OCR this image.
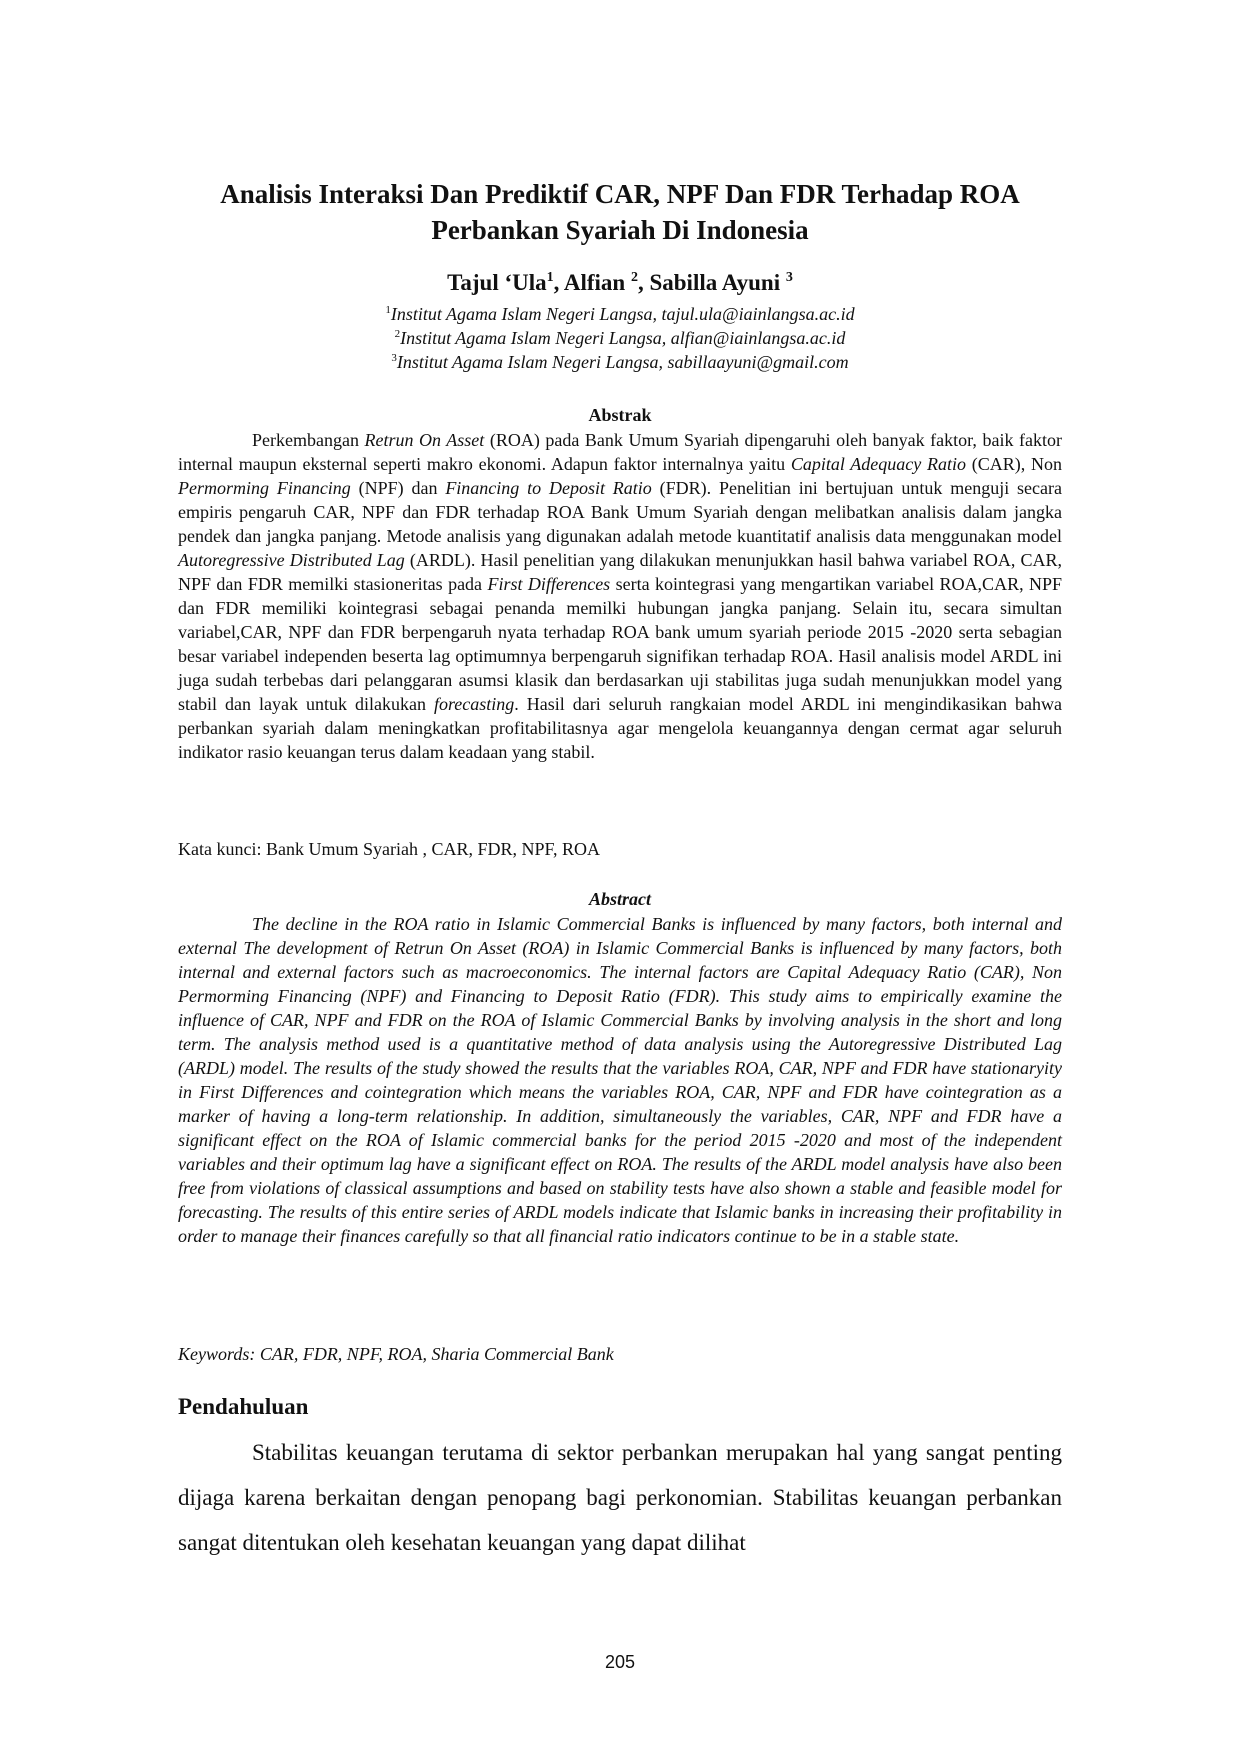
Analisis Interaksi Dan Prediktif CAR, NPF Dan FDR Terhadap ROA
Perbankan Syariah Di Indonesia
Tajul ‘Ula$^1$, Alfian $^2$, Sabilla Ayuni $^3$
$^1$Institut Agama Islam Negeri Langsa, tajul.ula@iainlangsa.ac.id
$^2$Institut Agama Islam Negeri Langsa, alfian@iainlangsa.ac.id
$^3$Institut Agama Islam Negeri Langsa, sabillaayuni@gmail.com
Abstrak

Perkembangan Retrun On Asset (ROA) pada Bank Umum Syariah dipengaruhi oleh banyak faktor, baik faktor internal maupun eksternal seperti makro ekonomi. Adapun faktor internalnya yaitu Capital Adequacy Ratio (CAR), Non Permorming Financing (NPF) dan Financing to Deposit Ratio (FDR). Penelitian ini bertujuan untuk menguji secara empiris pengaruh CAR, NPF dan FDR terhadap ROA Bank Umum Syariah dengan melibatkan analisis dalam jangka pendek dan jangka panjang. Metode analisis yang digunakan adalah metode kuantitatif analisis data menggunakan model Autoregressive Distributed Lag (ARDL). Hasil penelitian yang dilakukan menunjukkan hasil bahwa variabel ROA, CAR, NPF dan FDR memilki stasioneritas pada First Differences serta kointegrasi yang mengartikan variabel ROA,CAR, NPF dan FDR memiliki kointegrasi sebagai penanda memilki hubungan jangka panjang. Selain itu, secara simultan variabel,CAR, NPF dan FDR berpengaruh nyata terhadap ROA bank umum syariah periode 2015 -2020 serta sebagian besar variabel independen beserta lag optimumnya berpengaruh signifikan terhadap ROA. Hasil analisis model ARDL ini juga sudah terbebas dari pelanggaran asumsi klasik dan berdasarkan uji stabilitas juga sudah menunjukkan model yang stabil dan layak untuk dilakukan forecasting. Hasil dari seluruh rangkaian model ARDL ini mengindikasikan bahwa perbankan syariah dalam meningkatkan profitabilitasnya agar mengelola keuangannya dengan cermat agar seluruh indikator rasio keuangan terus dalam keadaan yang stabil.

Kata kunci: Bank Umum Syariah , CAR, FDR, NPF, ROA
Abstract

The decline in the ROA ratio in Islamic Commercial Banks is influenced by many factors, both internal and external The development of Retrun On Asset (ROA) in Islamic Commercial Banks is influenced by many factors, both internal and external factors such as macroeconomics. The internal factors are Capital Adequacy Ratio (CAR), Non Permorming Financing (NPF) and Financing to Deposit Ratio (FDR). This study aims to empirically examine the influence of CAR, NPF and FDR on the ROA of Islamic Commercial Banks by involving analysis in the short and long term. The analysis method used is a quantitative method of data analysis using the Autoregressive Distributed Lag (ARDL) model. The results of the study showed the results that the variables ROA, CAR, NPF and FDR have stationaryity in First Differences and cointegration which means the variables ROA, CAR, NPF and FDR have cointegration as a marker of having a long-term relationship. In addition, simultaneously the variables, CAR, NPF and FDR have a significant effect on the ROA of Islamic commercial banks for the period 2015 -2020 and most of the independent variables and their optimum lag have a significant effect on ROA. The results of the ARDL model analysis have also been free from violations of classical assumptions and based on stability tests have also shown a stable and feasible model for forecasting. The results of this entire series of ARDL models indicate that Islamic banks in increasing their profitability in order to manage their finances carefully so that all financial ratio indicators continue to be in a stable state.

Keywords: CAR, FDR, NPF, ROA, Sharia Commercial Bank
Pendahuluan

Stabilitas keuangan terutama di sektor perbankan merupakan hal yang sangat penting dijaga karena berkaitan dengan penopang bagi perkonomian. Stabilitas keuangan perbankan sangat ditentukan oleh kesehatan keuangan yang dapat dilihat

205
